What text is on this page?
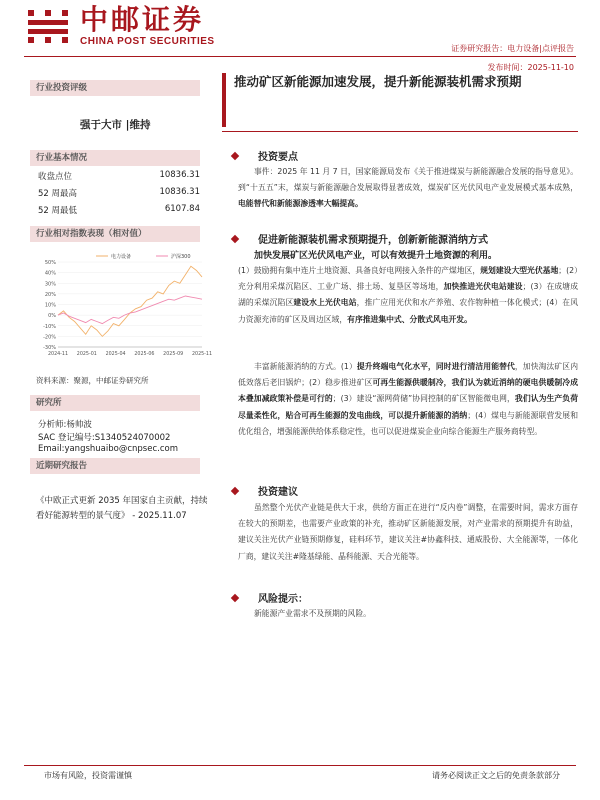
中邮证券
CHINA POST SECURITIES
证券研究报告：电力设备|点评报告
发布时间：2025-11-10
行业投资评级
强于大市 |维持
行业基本情况
收盘点位	10836.31
52 周最高	10836.31
52 周最低	6107.84
行业相对指数表现（相对值）
50%
40%
30%
20%
10%
0%
-10%
-20%
-30%
2024-11 2025-01 2025-04 2025-06 2025-09 2025-11
电力设备	沪深300
资料来源：聚源，中邮证券研究所
研究所
分析师:杨帅波
SAC 登记编号:S1340524070002
Email:yangshuaibo@cnpsec.com
近期研究报告
《中欧正式更新 2035 年国家自主贡献，持续看好能源转型的景气度》 - 2025.11.07
推动矿区新能源加速发展，提升新能源装机需求预期
投资要点
事件：2025 年 11 月 7 日，国家能源局发布《关于推进煤炭与新能源融合发展的指导意见》。到“十五五”末，煤炭与新能源融合发展取得显著成效，煤炭矿区光伏风电产业发展模式基本成熟，电能替代和新能源渗透率大幅提高。
促进新能源装机需求预期提升，创新新能源消纳方式
加快发展矿区光伏风电产业，可以有效提升土地资源的利用。
(1）鼓励拥有集中连片土地资源、具备良好电网接入条件的产煤地区，规划建设大型光伏基地；(2）充分利用采煤沉陷区、工业广场、排土场、复垦区等场地，加快推进光伏电站建设；(3）在成塘成湖的采煤沉陷区建设水上光伏电站，推广应用光伏和水产养殖、农作物种植一体化模式；(4）在风力资源充沛的矿区及周边区域，有序推进集中式、分散式风电开发。
丰富新能源消纳的方式。(1）提升终端电气化水平，同时进行清洁用能替代，加快淘汰矿区内低效落后老旧锅炉；(2）稳步推进矿区可再生能源供暖制冷，我们认为就近消纳的硬电供暖制冷成本叠加减政策补偿是可行的；(3）建设“源网荷储”协同控制的矿区智能微电网，我们认为生产负荷尽量柔性化，贴合可再生能源的发电曲线，可以提升新能源的消纳；(4）煤电与新能源联营发展和优化组合，增强能源供给体系稳定性，也可以促进煤炭企业向综合能源生产服务商转型。
投资建议
虽然整个光伏产业链是供大于求，供给方面正在进行“反内卷”调整，在需要时间，需求方面存在较大的预期差，也需要产业政策的补充，推动矿区新能源发展，对产业需求的预期提升有助益，建议关注光伏产业链预期修复，硅料环节，建议关注#协鑫科技、通威股份、大全能源等，一体化厂商，建议关注#隆基绿能、晶科能源、天合光能等。
风险提示：
新能源产业需求不及预期的风险。
市场有风险，投资需谨慎	请务必阅读正文之后的免责条款部分
